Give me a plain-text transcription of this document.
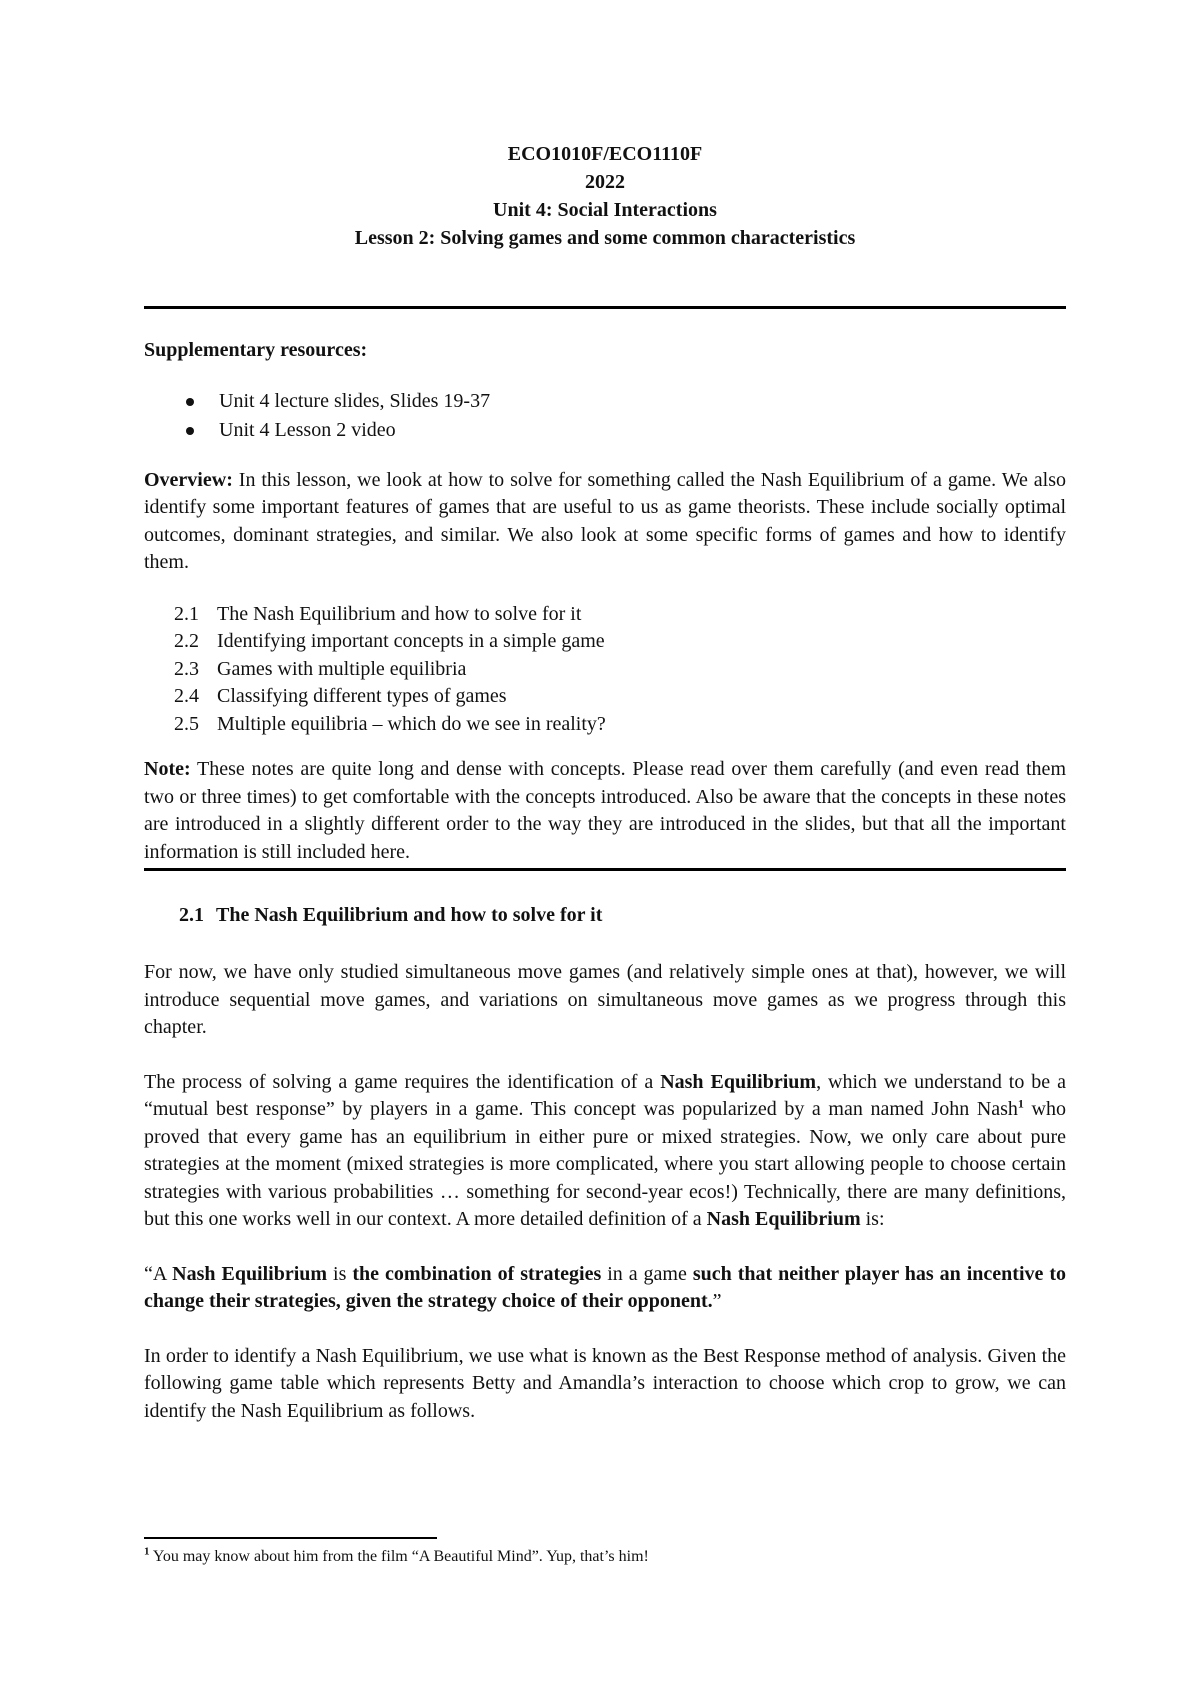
ECO1010F/ECO1110F
2022
Unit 4: Social Interactions
Lesson 2: Solving games and some common characteristics

Supplementary resources:

Unit 4 lecture slides, Slides 19-37
Unit 4 Lesson 2 video

Overview: In this lesson, we look at how to solve for something called the Nash Equilibrium of a game. We also identify some important features of games that are useful to us as game theorists. These include socially optimal outcomes, dominant strategies, and similar. We also look at some specific forms of games and how to identify them.

2.1 The Nash Equilibrium and how to solve for it
2.2 Identifying important concepts in a simple game
2.3 Games with multiple equilibria
2.4 Classifying different types of games
2.5 Multiple equilibria – which do we see in reality?

Note: These notes are quite long and dense with concepts. Please read over them carefully (and even read them two or three times) to get comfortable with the concepts introduced. Also be aware that the concepts in these notes are introduced in a slightly different order to the way they are introduced in the slides, but that all the important information is still included here.

2.1 The Nash Equilibrium and how to solve for it

For now, we have only studied simultaneous move games (and relatively simple ones at that), however, we will introduce sequential move games, and variations on simultaneous move games as we progress through this chapter.

The process of solving a game requires the identification of a Nash Equilibrium, which we understand to be a “mutual best response” by players in a game. This concept was popularized by a man named John Nash$^1$ who proved that every game has an equilibrium in either pure or mixed strategies. Now, we only care about pure strategies at the moment (mixed strategies is more complicated, where you start allowing people to choose certain strategies with various probabilities … something for second-year ecos!) Technically, there are many definitions, but this one works well in our context. A more detailed definition of a Nash Equilibrium is:

“A Nash Equilibrium is the combination of strategies in a game such that neither player has an incentive to change their strategies, given the strategy choice of their opponent.”

In order to identify a Nash Equilibrium, we use what is known as the Best Response method of analysis. Given the following game table which represents Betty and Amandla’s interaction to choose which crop to grow, we can identify the Nash Equilibrium as follows.

$^1$ You may know about him from the film “A Beautiful Mind”. Yup, that’s him!
